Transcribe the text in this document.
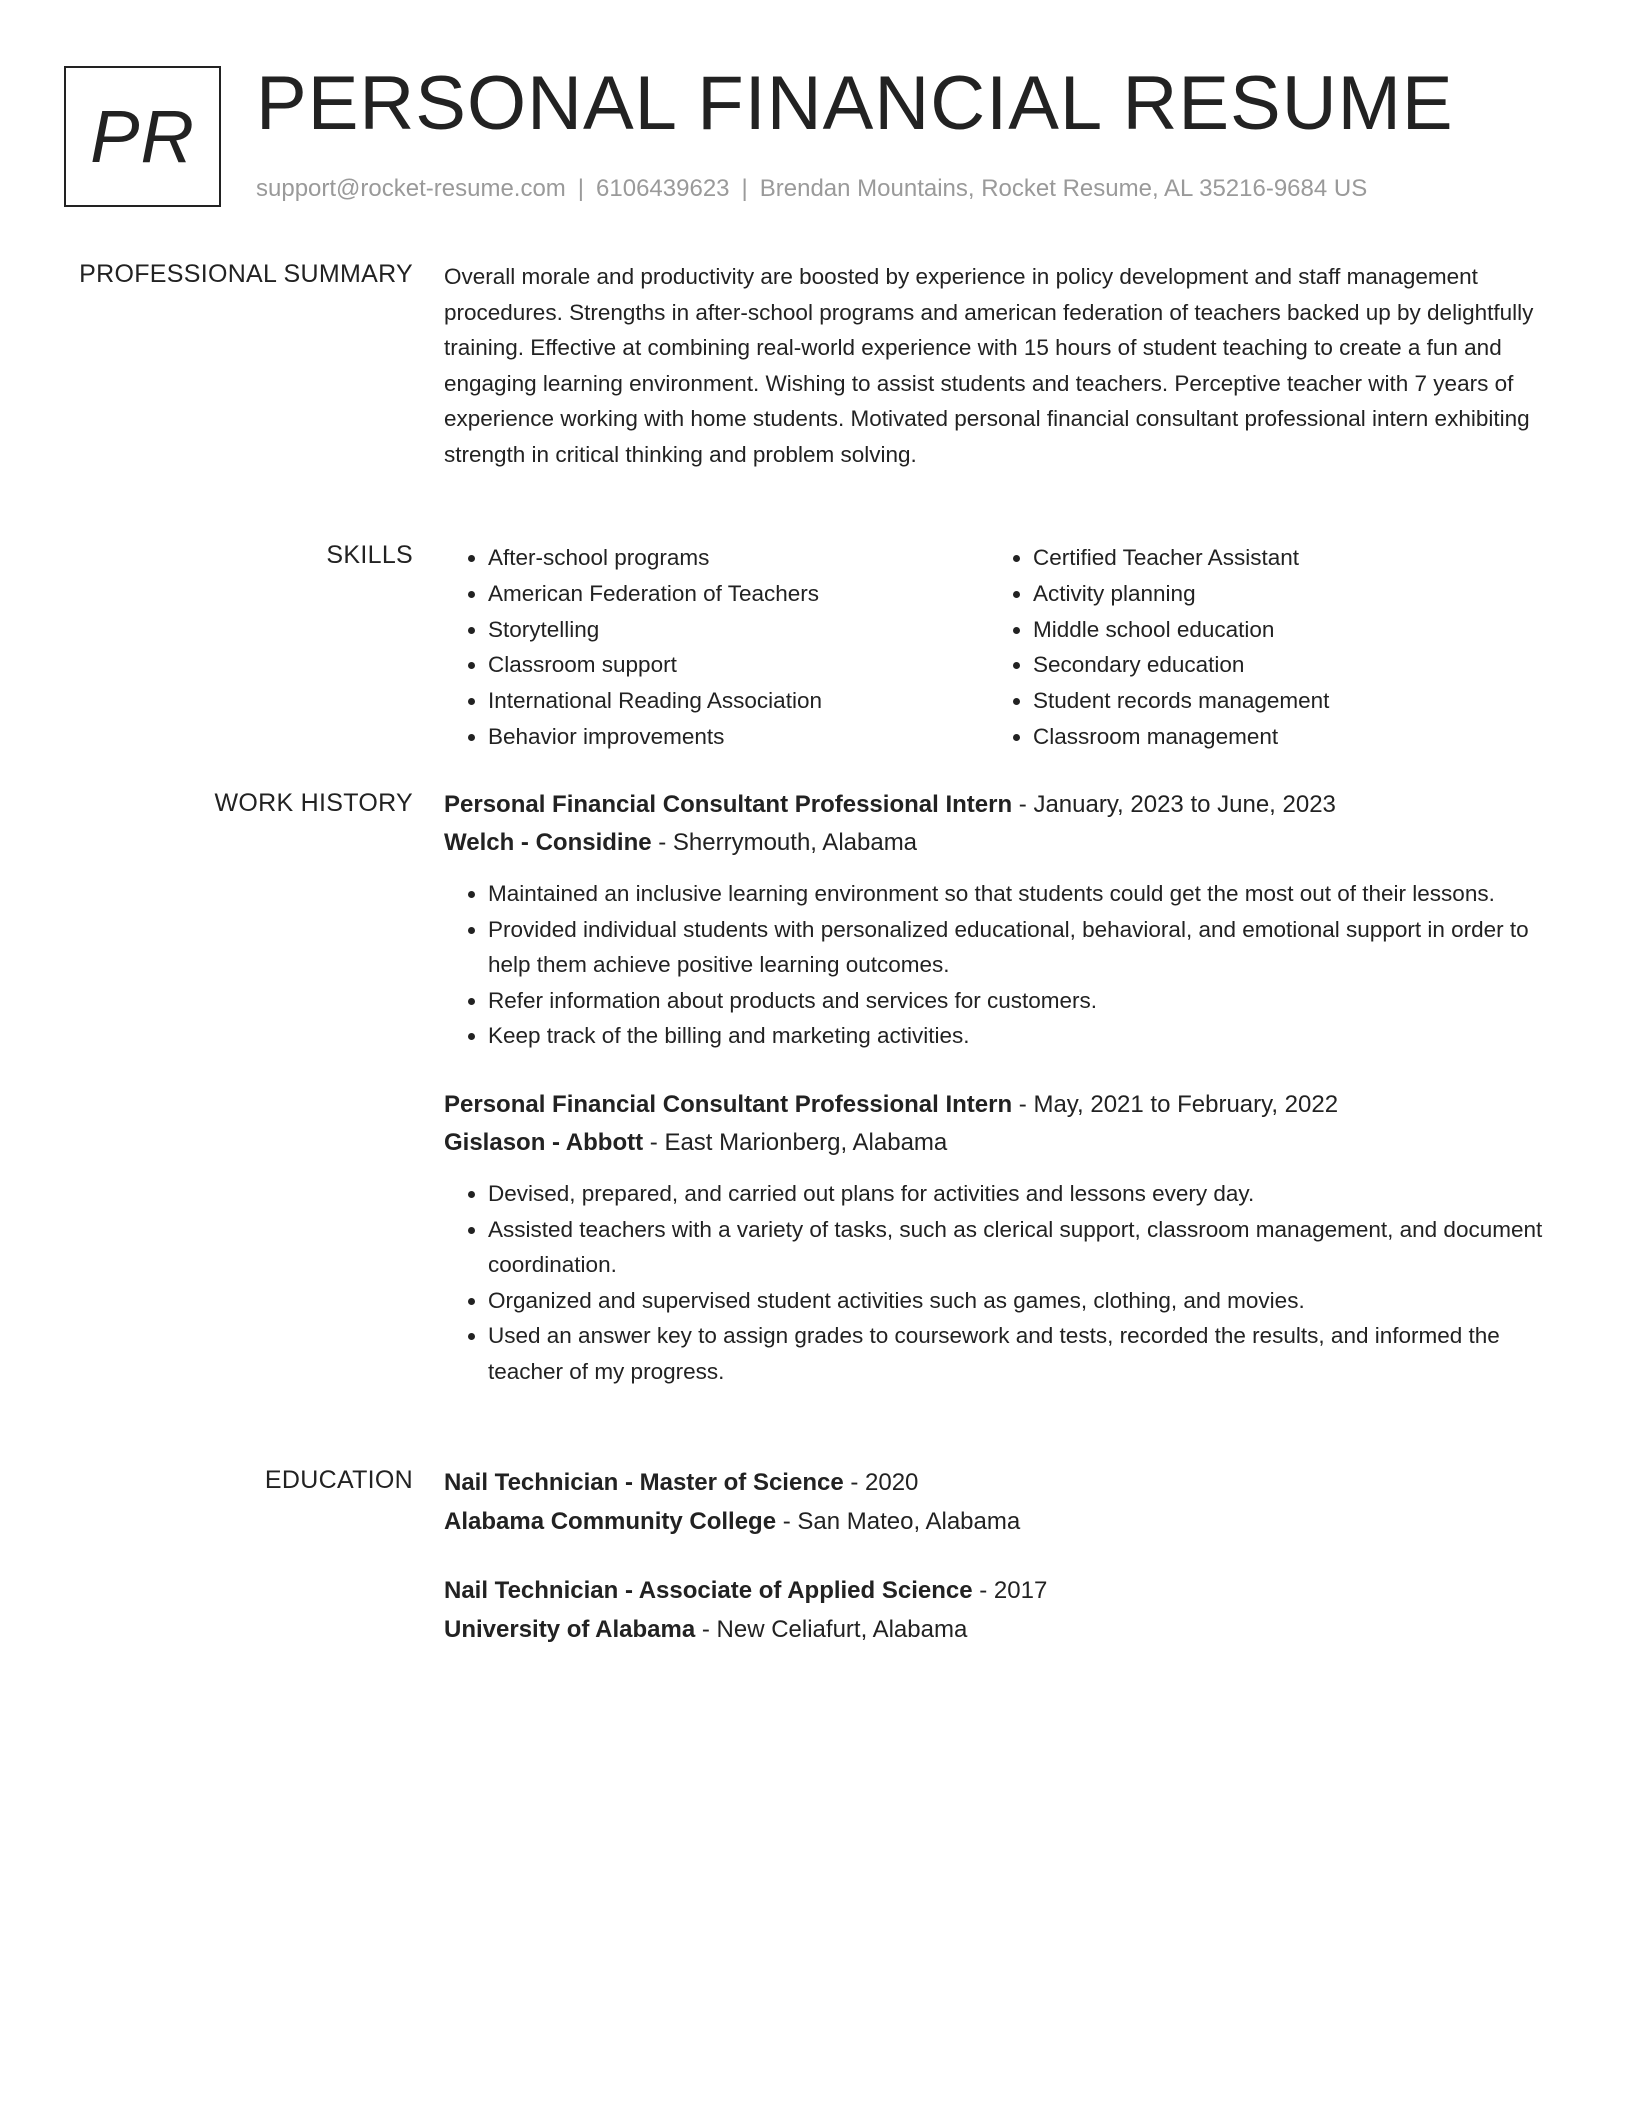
PR PERSONAL FINANCIAL RESUME
support@rocket-resume.com | 6106439623 | Brendan Mountains, Rocket Resume, AL 35216-9684 US
PROFESSIONAL SUMMARY Overall morale and productivity are boosted by experience in policy development and staff management procedures. Strengths in after-school programs and american federation of teachers backed up by delightfully training. Effective at combining real-world experience with 15 hours of student teaching to create a fun and engaging learning environment. Wishing to assist students and teachers. Perceptive teacher with 7 years of experience working with home students. Motivated personal financial consultant professional intern exhibiting strength in critical thinking and problem solving.

SKILLS
•	After-school programs
• American Federation of Teachers
• Storytelling
• Classroom support
• International Reading Association
• Behavior improvements
• Certified Teacher Assistant
• Activity planning
• Middle school education
• Secondary education
• Student records management
• Classroom management
WORK HISTORY Personal Financial Consultant Professional Intern - January, 2023 to June, 2023
Welch - Considine - Sherrymouth, Alabama
• Maintained an inclusive learning environment so that students could get the most out of their lessons.
• Provided individual students with personalized educational, behavioral, and emotional support in order to help them achieve positive learning outcomes.
• Refer information about products and services for customers.
• Keep track of the billing and marketing activities.
Personal Financial Consultant Professional Intern - May, 2021 to February, 2022
Gislason - Abbott - East Marionberg, Alabama
• Devised, prepared, and carried out plans for activities and lessons every day.
• Assisted teachers with a variety of tasks, such as clerical support, classroom management, and document coordination.
• Organized and supervised student activities such as games, clothing, and movies.
• Used an answer key to assign grades to coursework and tests, recorded the results, and informed the teacher of my progress.
EDUCATION Nail Technician - Master of Science - 2020
Alabama Community College - San Mateo, Alabama
Nail Technician - Associate of Applied Science - 2017
University of Alabama - New Celiafurt, Alabama
